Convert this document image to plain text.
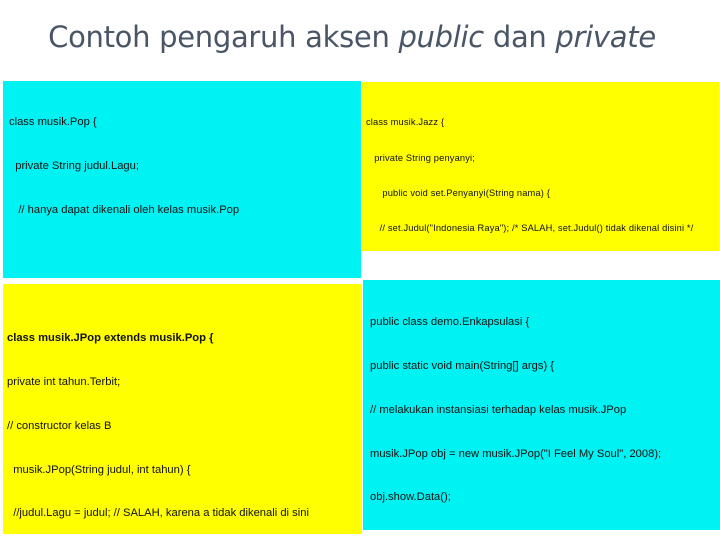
Contoh pengaruh aksen public dan private

class musik.Pop {

private String judul.Lagu;

// hanya dapat dikenali oleh kelas musik.Pop

class musik.Jazz {

private String penyanyi;

public void set.Penyanyi(String nama) {

// set.Judul("Indonesia Raya"); /* SALAH, set.Judul() tidak dikenal disini */

class musik.JPop extends musik.Pop {

private int tahun.Terbit;

// constructor kelas B

musik.JPop(String judul, int tahun) {

//judul.Lagu = judul; // SALAH, karena a tidak dikenali di sini

public class demo.Enkapsulasi {

public static void main(String[] args) {

// melakukan instansiasi terhadap kelas musik.JPop

musik.JPop obj = new musik.JPop("I Feel My Soul", 2008);

obj.show.Data();
